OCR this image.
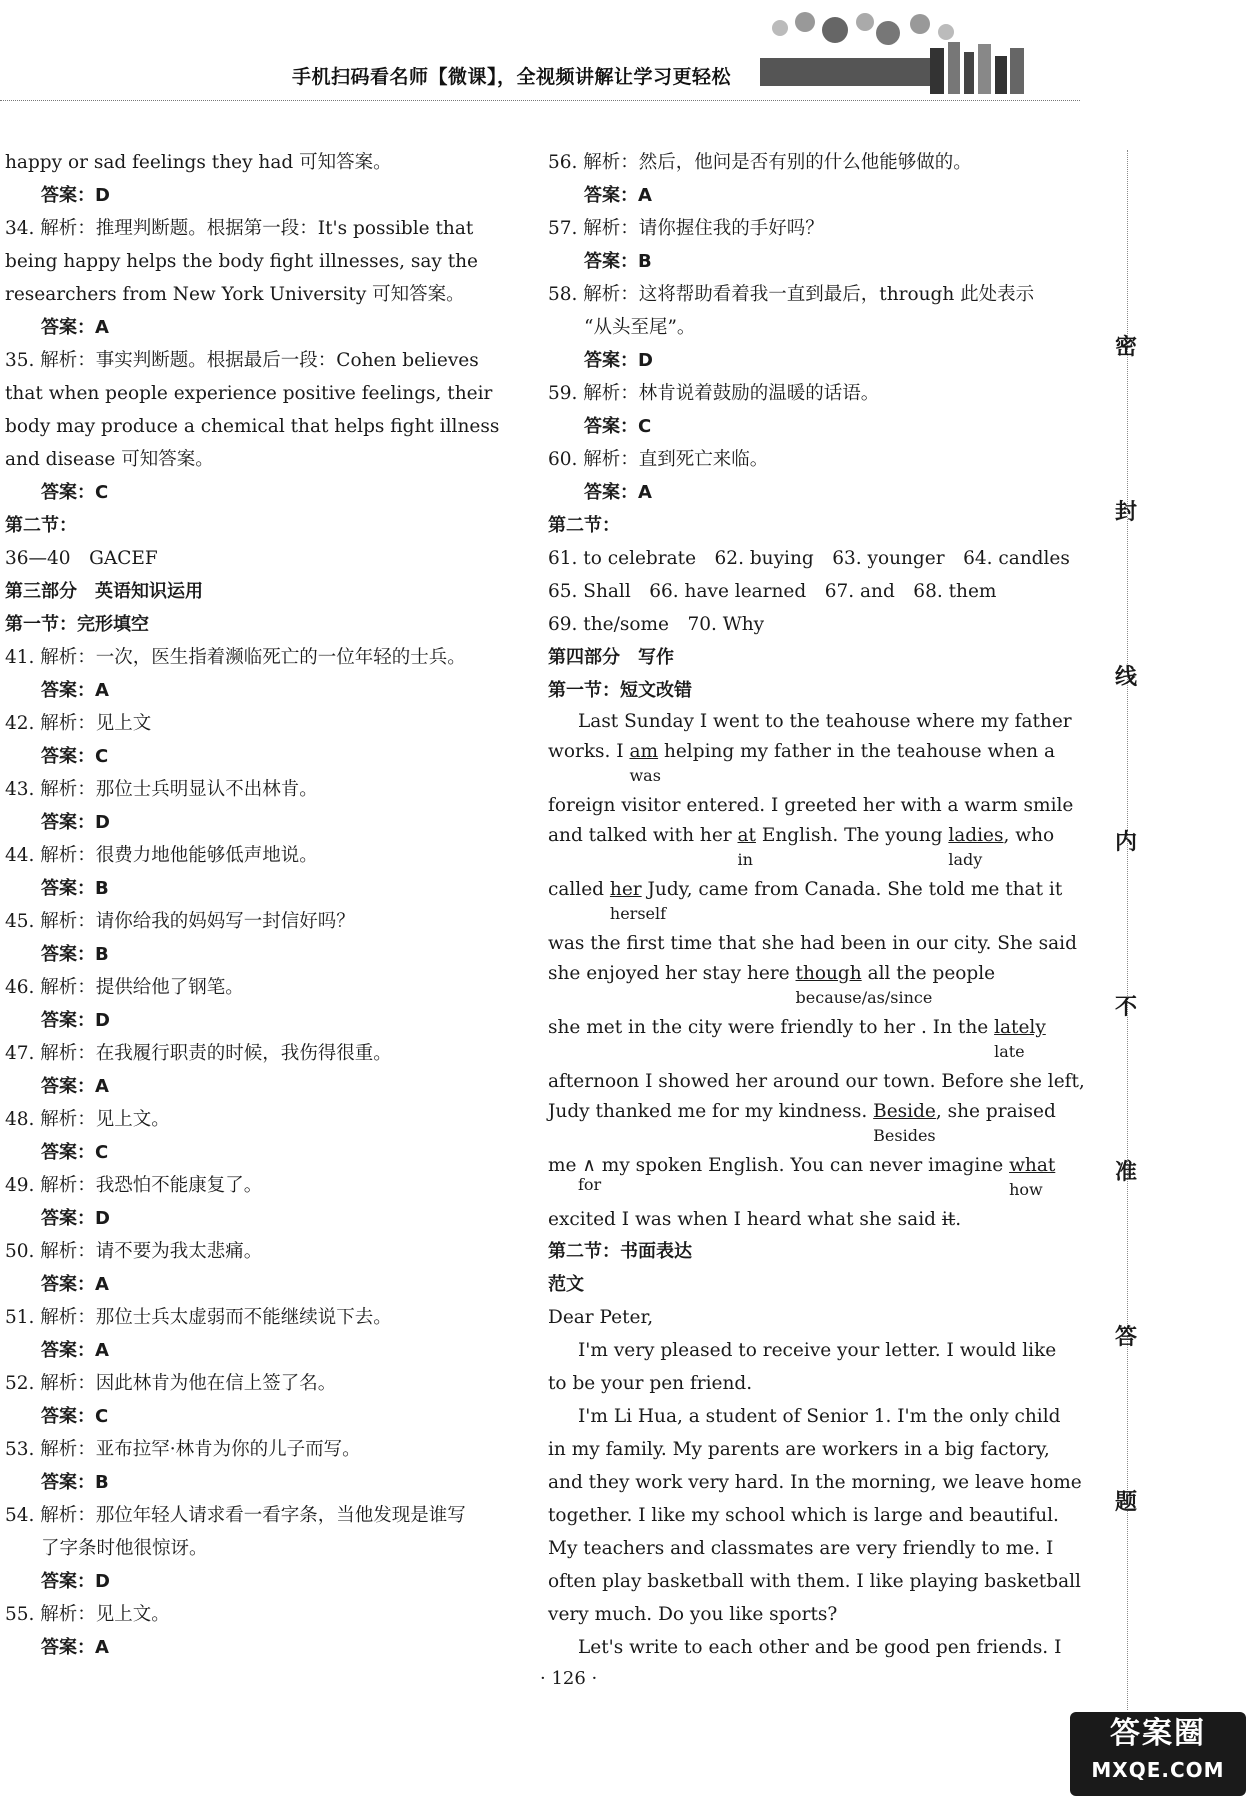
手机扫码看名师【微课】，全视频讲解让学习更轻松
happy or sad feelings they had 可知答案。
答案：D
34. 解析：推理判断题。根据第一段：It's possible that
being happy helps the body fight illnesses, say the
researchers from New York University 可知答案。
答案：A
35. 解析：事实判断题。根据最后一段：Cohen believes
that when people experience positive feelings, their
body may produce a chemical that helps fight illness
and disease 可知答案。
答案：C
第二节：
36—40　GACEF
第三部分　英语知识运用
第一节：完形填空
41. 解析：一次，医生指着濒临死亡的一位年轻的士兵。
答案：A
42. 解析：见上文
答案：C
43. 解析：那位士兵明显认不出林肯。
答案：D
44. 解析：很费力地他能够低声地说。
答案：B
45. 解析：请你给我的妈妈写一封信好吗？
答案：B
46. 解析：提供给他了钢笔。
答案：D
47. 解析：在我履行职责的时候，我伤得很重。
答案：A
48. 解析：见上文。
答案：C
49. 解析：我恐怕不能康复了。
答案：D
50. 解析：请不要为我太悲痛。
答案：A
51. 解析：那位士兵太虚弱而不能继续说下去。
答案：A
52. 解析：因此林肯为他在信上签了名。
答案：C
53. 解析：亚布拉罕·林肯为你的儿子而写。
答案：B
54. 解析：那位年轻人请求看一看字条，当他发现是谁写
了字条时他很惊讶。
答案：D
55. 解析：见上文。
答案：A
56. 解析：然后，他问是否有别的什么他能够做的。
答案：A
57. 解析：请你握住我的手好吗？
答案：B
58. 解析：这将帮助看着我一直到最后，through 此处表示
“从头至尾”。
答案：D
59. 解析：林肯说着鼓励的温暖的话语。
答案：C
60. 解析：直到死亡来临。
答案：A
第二节：
61. to celebrate　62. buying　63. younger　64. candles
65. Shall　66. have learned　67. and　68. them
69. the/some　70. Why
第四部分　写作
第一节：短文改错
Last Sunday I went to the teahouse where my father
works. I am
was
helping my father in the teahouse when a
foreign visitor entered. I greeted her with a warm smile
and talked with her at
in
English. The young ladies
lady
, who
called her
herself
Judy, came from Canada. She told me that it
was the first time that she had been in our city. She said
she enjoyed her stay here though
because/as/since
all the people
she met in the city were friendly to her . In the lately
late
afternoon I showed her around our town. Before she left,
Judy thanked me for my kindness. Beside
Besides
, she praised
me ∧ my spoken English. You can never imagine what
how
for
excited I was when I heard what she said it.
第二节：书面表达
范文
Dear Peter,
I'm very pleased to receive your letter. I would like
to be your pen friend.
I'm Li Hua, a student of Senior 1. I'm the only child
in my family. My parents are workers in a big factory,
and they work very hard. In the morning, we leave home
together. I like my school which is large and beautiful.
My teachers and classmates are very friendly to me. I
often play basketball with them. I like playing basketball
very much. Do you like sports?
Let's write to each other and be good pen friends. I
密
封
线
内
不
准
答
题
· 126 ·
答案圈
MXQE.COM
